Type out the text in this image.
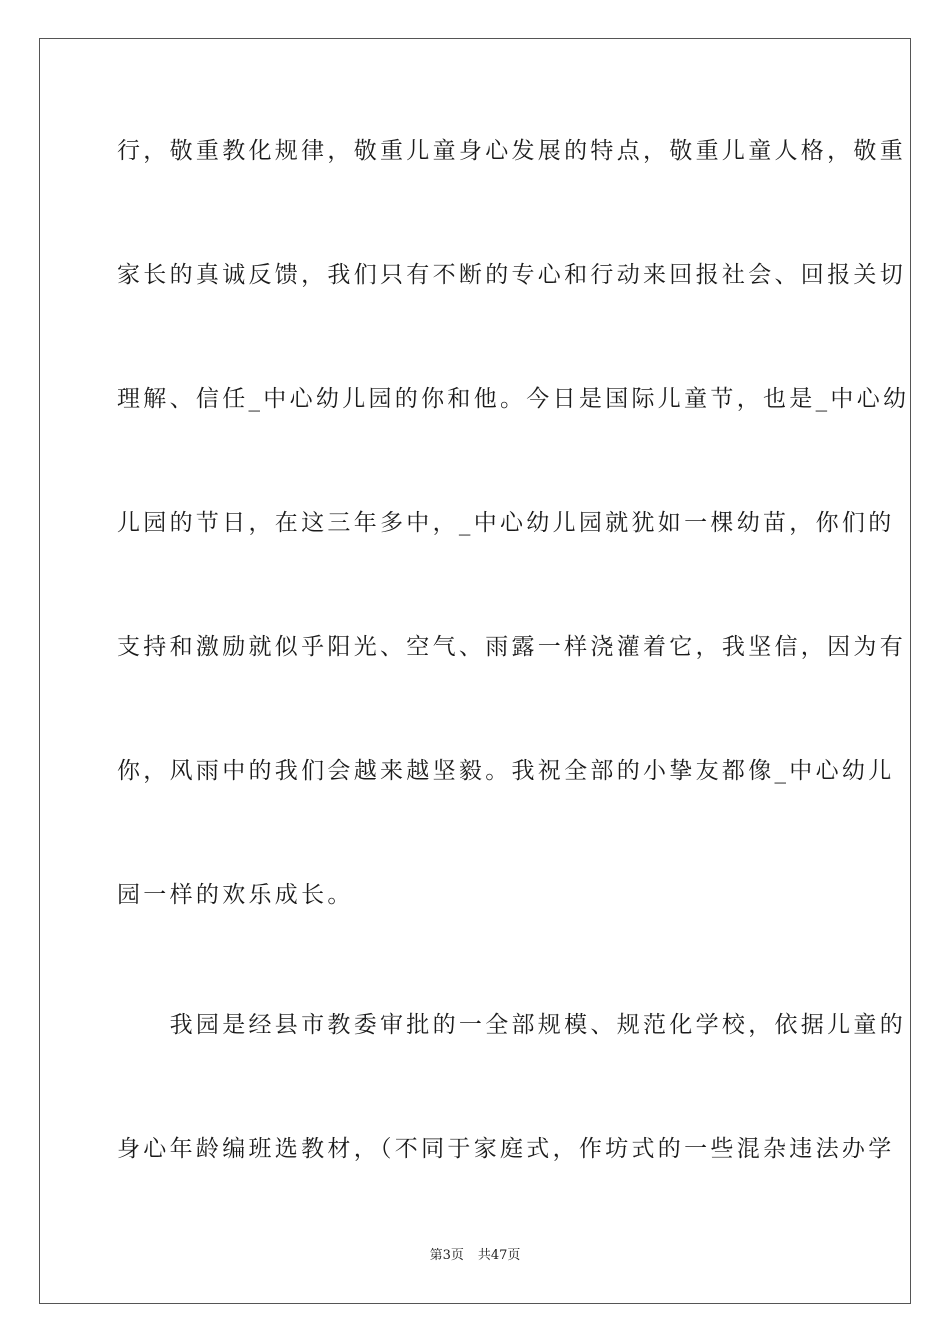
行，敬重教化规律，敬重儿童身心发展的特点，敬重儿童人格，敬重
家长的真诚反馈，我们只有不断的专心和行动来回报社会、回报关切
理解、信任_中心幼儿园的你和他。今日是国际儿童节，也是_中心幼
儿园的节日，在这三年多中，_中心幼儿园就犹如一棵幼苗，你们的
支持和激励就似乎阳光、空气、雨露一样浇灌着它，我坚信，因为有
你，风雨中的我们会越来越坚毅。我祝全部的小挚友都像_中心幼儿
园一样的欢乐成长。
　　我园是经县市教委审批的一全部规模、规范化学校，依据儿童的
身心年龄编班选教材，（不同于家庭式，作坊式的一些混杂违法办学
第3页 共47页
